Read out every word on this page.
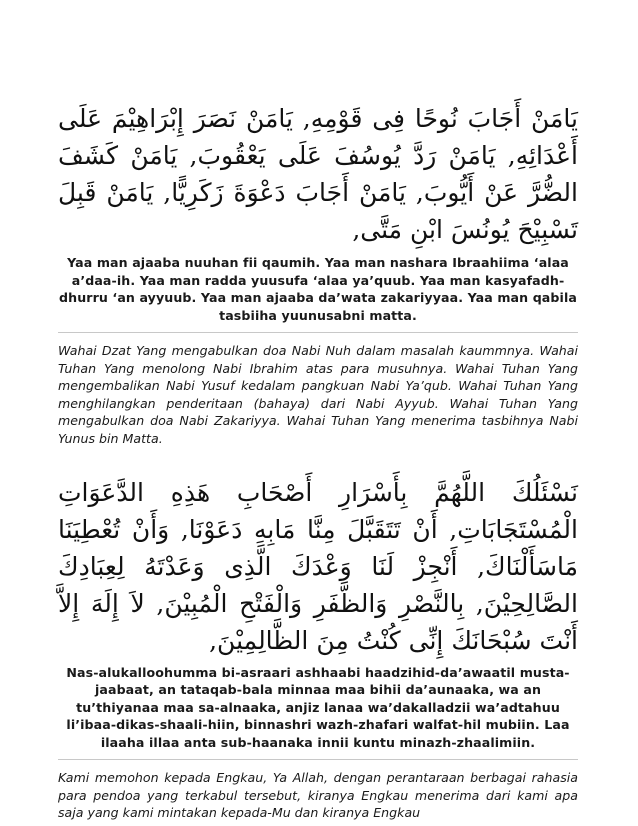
يَامَنْ أَجَابَ نُوحًا فِى قَوْمِهِ, يَامَنْ نَصَرَ إِبْرَاهِيْمَ عَلَى أَعْدَائِهِ, يَامَنْ رَدَّ يُوسُفَ عَلَى يَعْقُوبَ, يَامَنْ كَشَفَ الضُّرَّ عَنْ أَيُّوبَ, يَامَنْ أَجَابَ دَعْوَةَ زَكَرِيًّا, يَامَنْ قَبِلَ تَسْبِيْحَ يُونُسَ ابْنِ مَتَّى,

Yaa man ajaaba nuuhan fii qaumih. Yaa man nashara Ibraahiima ‘alaa a’daa-ih. Yaa man radda yuusufa ‘alaa ya’quub. Yaa man kasyafadh-dhurru ‘an ayyuub. Yaa man ajaaba da’wata zakariyyaa. Yaa man qabila tasbiiha yuunusabni matta.

Wahai Dzat Yang mengabulkan doa Nabi Nuh dalam masalah kaummnya. Wahai Tuhan Yang menolong Nabi Ibrahim atas para musuhnya. Wahai Tuhan Yang mengembalikan Nabi Yusuf kedalam pangkuan Nabi Ya’qub. Wahai Tuhan Yang menghilangkan penderitaan (bahaya) dari Nabi Ayyub. Wahai Tuhan Yang mengabulkan doa Nabi Zakariyya. Wahai Tuhan Yang menerima tasbihnya Nabi Yunus bin Matta.

نَسْئَلُكَ اللَّهُمَّ بِأَسْرَارِ أَصْحَابِ هَذِهِ الدَّعَوَاتِ الْمُسْتَجَابَاتِ, أَنْ تَتَقَبَّلَ مِنَّا مَابِهِ دَعَوْنَا, وَأَنْ تُعْطِيَنَا مَاسَأَلْنَاكَ, أَنْجِزْ لَنَا وَعْدَكَ الَّذِى وَعَدْتَهُ لِعِبَادِكَ الصَّالِحِيْنَ, بِالنَّصْرِ وَالظَّفَرِ وَالْفَتْحِ الْمُبِيْنَ, لاَ إِلَهَ إِلاَّ أَنْتَ سُبْحَانَكَ إِنِّى كُنْتُ مِنَ الظَّالِمِيْنَ,

Nas-alukalloohumma bi-asraari ashhaabi haadzihid-da’awaatil musta-jaabaat, an tataqab-bala minnaa maa bihii da’aunaaka, wa an tu’thiyanaa maa sa-alnaaka, anjiz lanaa wa’dakalladzii wa’adtahuu li’ibaa-dikas-shaali-hiin, binnashri wazh-zhafari walfat-hil mubiin. Laa ilaaha illaa anta sub-haanaka innii kuntu minazh-zhaalimiin.

Kami memohon kepada Engkau, Ya Allah, dengan perantaraan berbagai rahasia para pendoa yang terkabul tersebut, kiranya Engkau menerima dari kami apa saja yang kami mintakan kepada-Mu dan kiranya Engkau
